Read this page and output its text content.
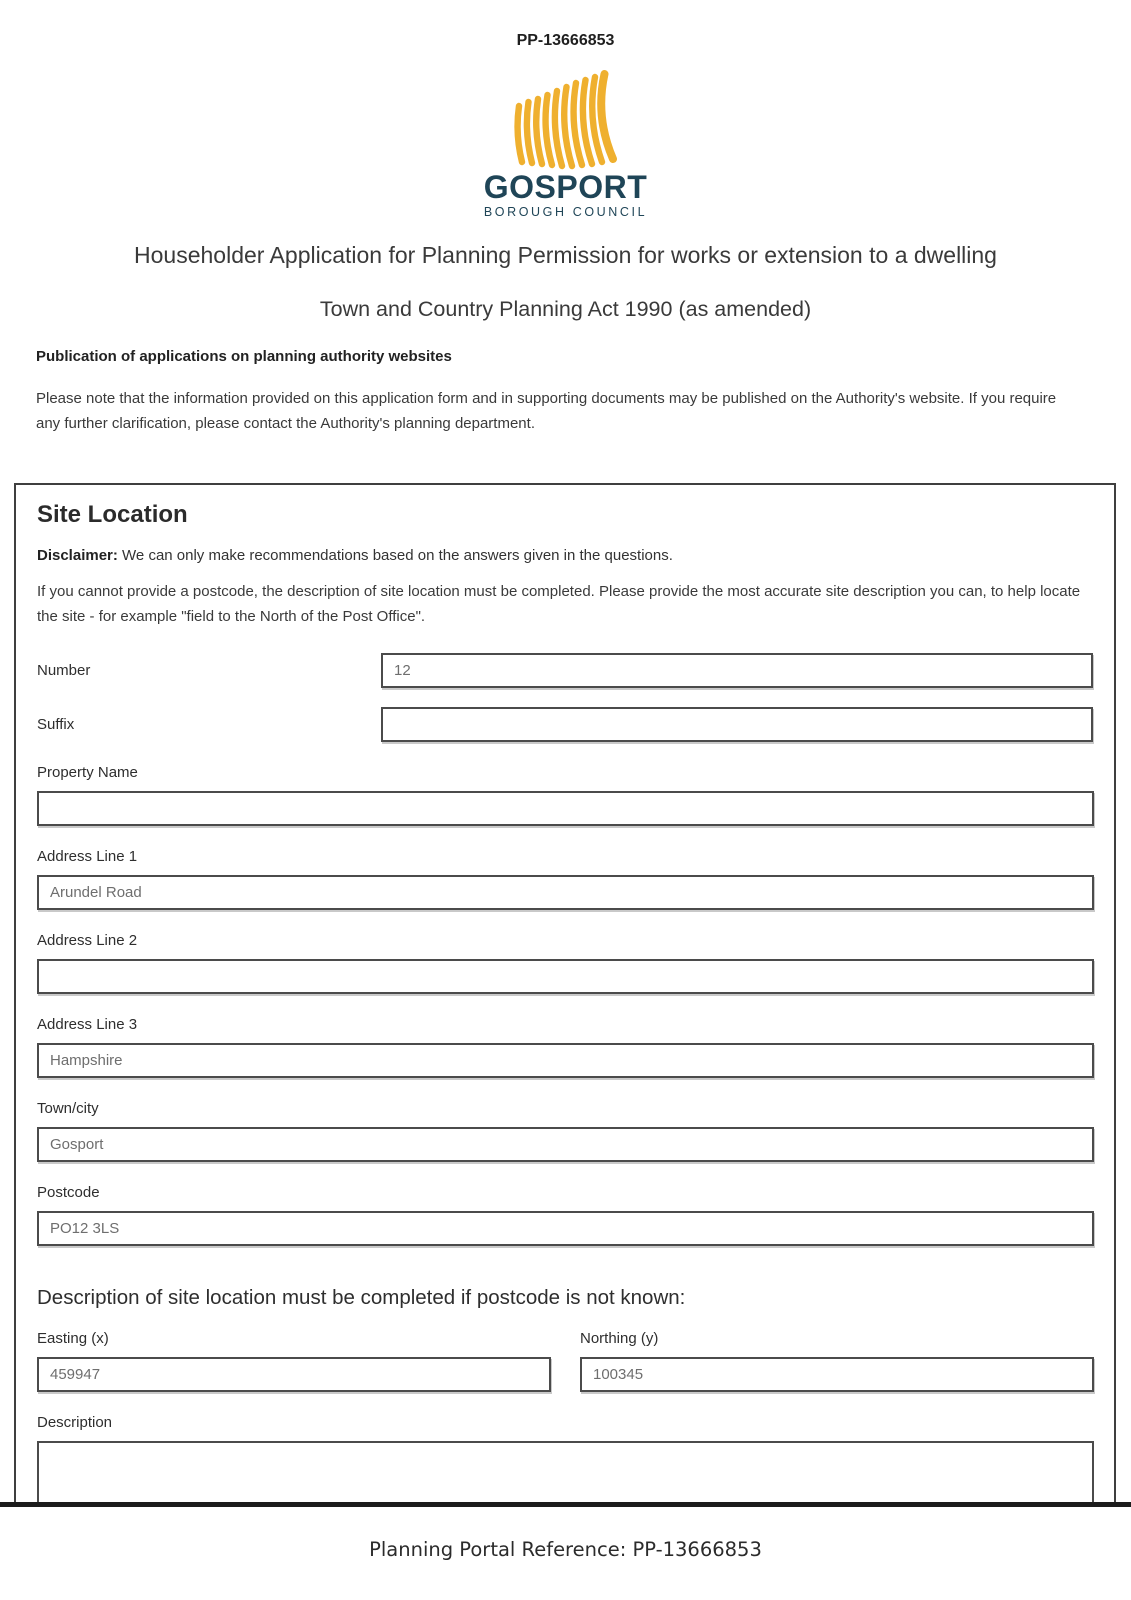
PP-13666853
GOSPORT
BOROUGH COUNCIL
Householder Application for Planning Permission for works or extension to a dwelling
Town and Country Planning Act 1990 (as amended)
Publication of applications on planning authority websites

Please note that the information provided on this application form and in supporting documents may be published on the Authority's website. If you require any further clarification, please contact the Authority's planning department.

Site Location

Disclaimer: We can only make recommendations based on the answers given in the questions.

If you cannot provide a postcode, the description of site location must be completed. Please provide the most accurate site description you can, to help locate the site - for example "field to the North of the Post Office".

Number
12
Suffix
Property Name
Address Line 1
Arundel Road
Address Line 2
Address Line 3
Hampshire
Town/city
Gosport
Postcode
PO12 3LS
Description of site location must be completed if postcode is not known:
Easting (x)
459947	Northing (y)
100345
Description
Planning Portal Reference: PP-13666853
